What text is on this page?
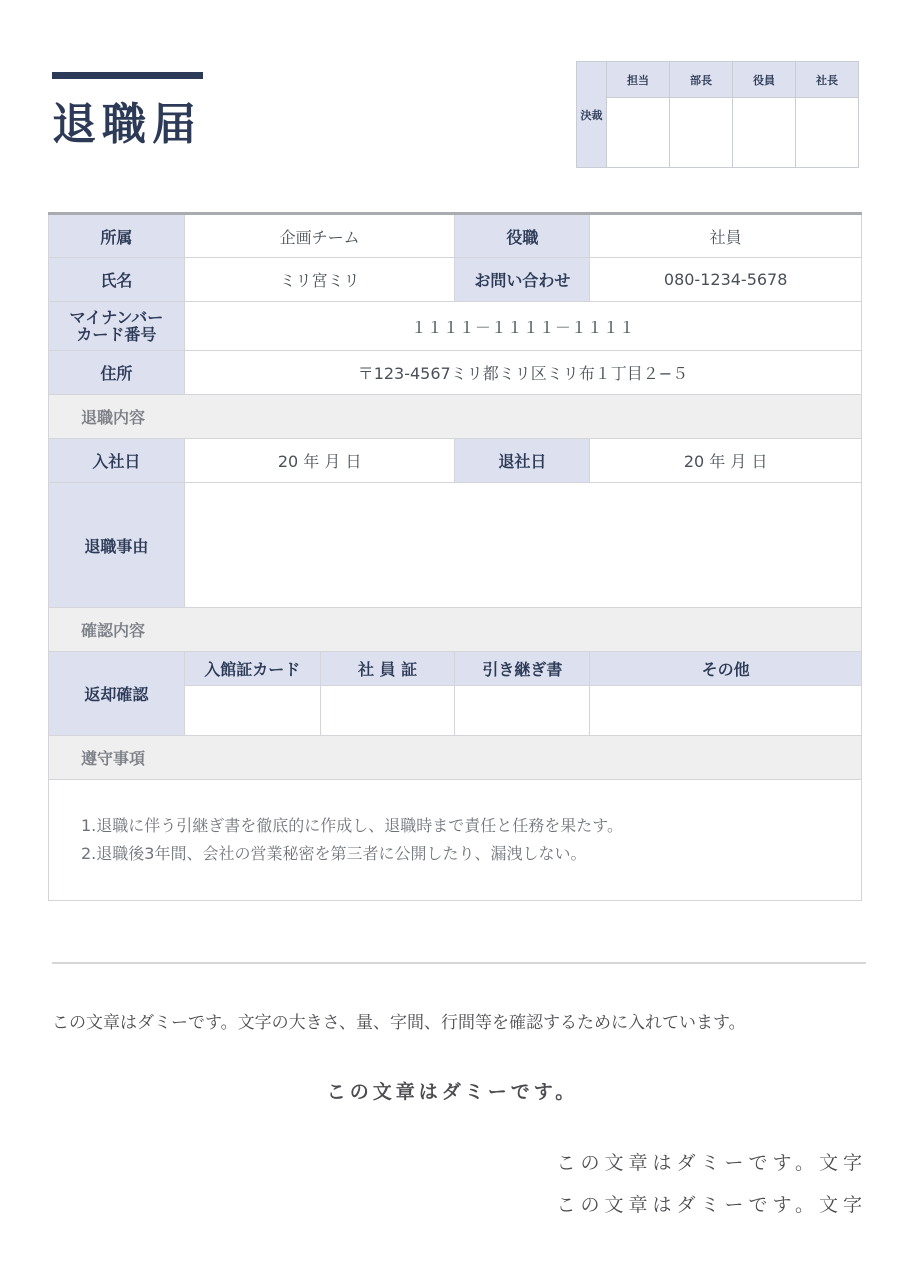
退職届	決裁	担当	部長	役員	社長

所属	企画チーム		役職	社員
氏名	ミリ宮ミリ		お問い合わせ	080-1234-5678

マイナンバー
カード番号	１１１１－１１１１－１１１１			
住所	〒123-4567ミリ都ミリ区ミリ布１丁目２−５			
退職内容				
入社日	20 年 月 日		退社日	20 年 月 日
退職事由				
確認内容				
返却確認	入館証カード	社 員 証	引き継ぎ書	その他

遵守事項				

1.退職に伴う引継ぎ書を徹底的に作成し、退職時まで責任と任務を果たす。
2.退職後3年間、会社の営業秘密を第三者に公開したり、漏洩しない。				

この文章はダミーです。文字の大きさ、量、字間、行間等を確認するために入れています。

この文章はダミーです。

この文章はダミーです。文字

この文章はダミーです。文字
